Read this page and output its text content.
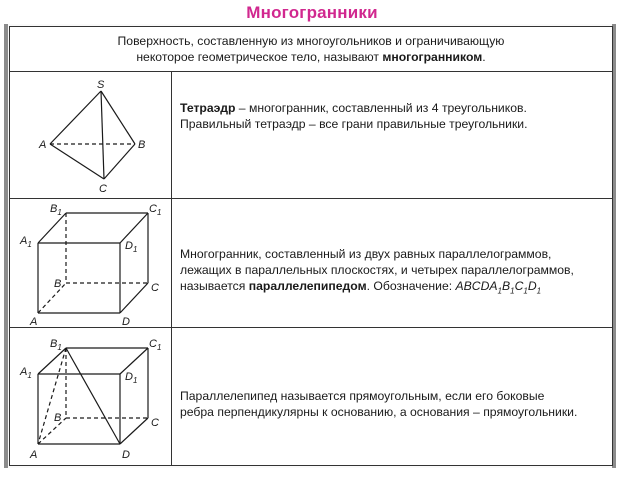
Многогранники
Поверхность, составленную из многоугольников и ограничивающую
некоторое геометрическое тело, называют многогранником.
S
A	B
C
Тетраэдр – многогранник, составленный из 4 треугольников.
Правильный тетраэдр – все грани правильные треугольники.
$B_1$	$C_1$
$A_1$	$D_1$
B	C
A	D
Многогранник, составленный из двух равных параллелограммов,
лежащих в параллельных плоскостях, и четырех параллелограммов,
называется параллелепипедом. Обозначение: $ABCDA_1B_1C_1D_1$
$B_1$	$C_1$
$A_1$	$D_1$
B	C
A	D
Параллелепипед называется прямоугольным, если его боковые
ребра перпендикулярны к основанию, а основания – прямоугольники.
